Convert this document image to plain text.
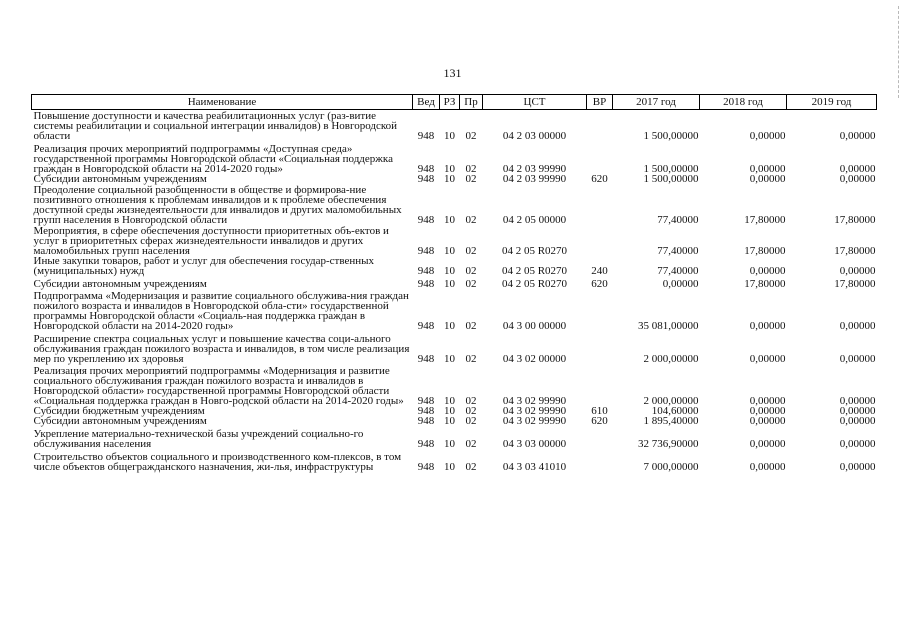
131
Наименование	Вед	РЗ	Пр	ЦСТ	ВР	2017 год	2018 год	2019 год
Повышение доступности и качества реабилитационных услуг (раз-витие системы реабилитации и социальной интеграции инвалидов) в Новгородской области	948	10	02	04 2 03 00000		1 500,00000	0,00000	0,00000
Реализация прочих мероприятий подпрограммы «Доступная среда» государственной программы Новгородской области «Социальная поддержка граждан в Новгородской области на 2014-2020 годы»	948	10	02	04 2 03 99990		1 500,00000	0,00000	0,00000
Субсидии автономным учреждениям	948	10	02	04 2 03 99990	620	1 500,00000	0,00000	0,00000
Преодоление социальной разобщенности в обществе и формирова-ние позитивного отношения к проблемам инвалидов и к проблеме обеспечения доступной среды жизнедеятельности для инвалидов и других маломобильных групп населения в Новгородской области	948	10	02	04 2 05 00000		77,40000	17,80000	17,80000
Мероприятия, в сфере обеспечения доступности приоритетных объ-ектов и услуг в приоритетных сферах жизнедеятельности инвалидов и других маломобильных групп населения	948	10	02	04 2 05 R0270		77,40000	17,80000	17,80000
Иные закупки товаров, работ и услуг для обеспечения государ-ственных (муниципальных) нужд	948	10	02	04 2 05 R0270	240	77,40000	0,00000	0,00000
Субсидии автономным учреждениям	948	10	02	04 2 05 R0270	620	0,00000	17,80000	17,80000
Подпрограмма «Модернизация и развитие социального обслужива-ния граждан пожилого возраста и инвалидов в Новгородской обла-сти» государственной программы Новгородской области «Социаль-ная поддержка граждан в Новгородской области на 2014-2020 годы»	948	10	02	04 3 00 00000		35 081,00000	0,00000	0,00000
Расширение спектра социальных услуг и повышение качества соци-ального обслуживания граждан пожилого возраста и инвалидов, в том числе реализация мер по укреплению их здоровья	948	10	02	04 3 02 00000		2 000,00000	0,00000	0,00000
Реализация прочих мероприятий подпрограммы «Модернизация и развитие социального обслуживания граждан пожилого возраста и инвалидов в Новгородской области» государственной программы Новгородской области «Социальная поддержка граждан в Новго-родской области на 2014-2020 годы»	948	10	02	04 3 02 99990		2 000,00000	0,00000	0,00000
Субсидии бюджетным учреждениям	948	10	02	04 3 02 99990	610	104,60000	0,00000	0,00000
Субсидии автономным учреждениям	948	10	02	04 3 02 99990	620	1 895,40000	0,00000	0,00000
Укрепление материально-технической базы учреждений социально-го обслуживания населения	948	10	02	04 3 03 00000		32 736,90000	0,00000	0,00000
Строительство объектов социального и производственного ком-плексов, в том числе объектов общегражданского назначения, жи-лья, инфраструктуры	948	10	02	04 3 03 41010		7 000,00000	0,00000	0,00000
